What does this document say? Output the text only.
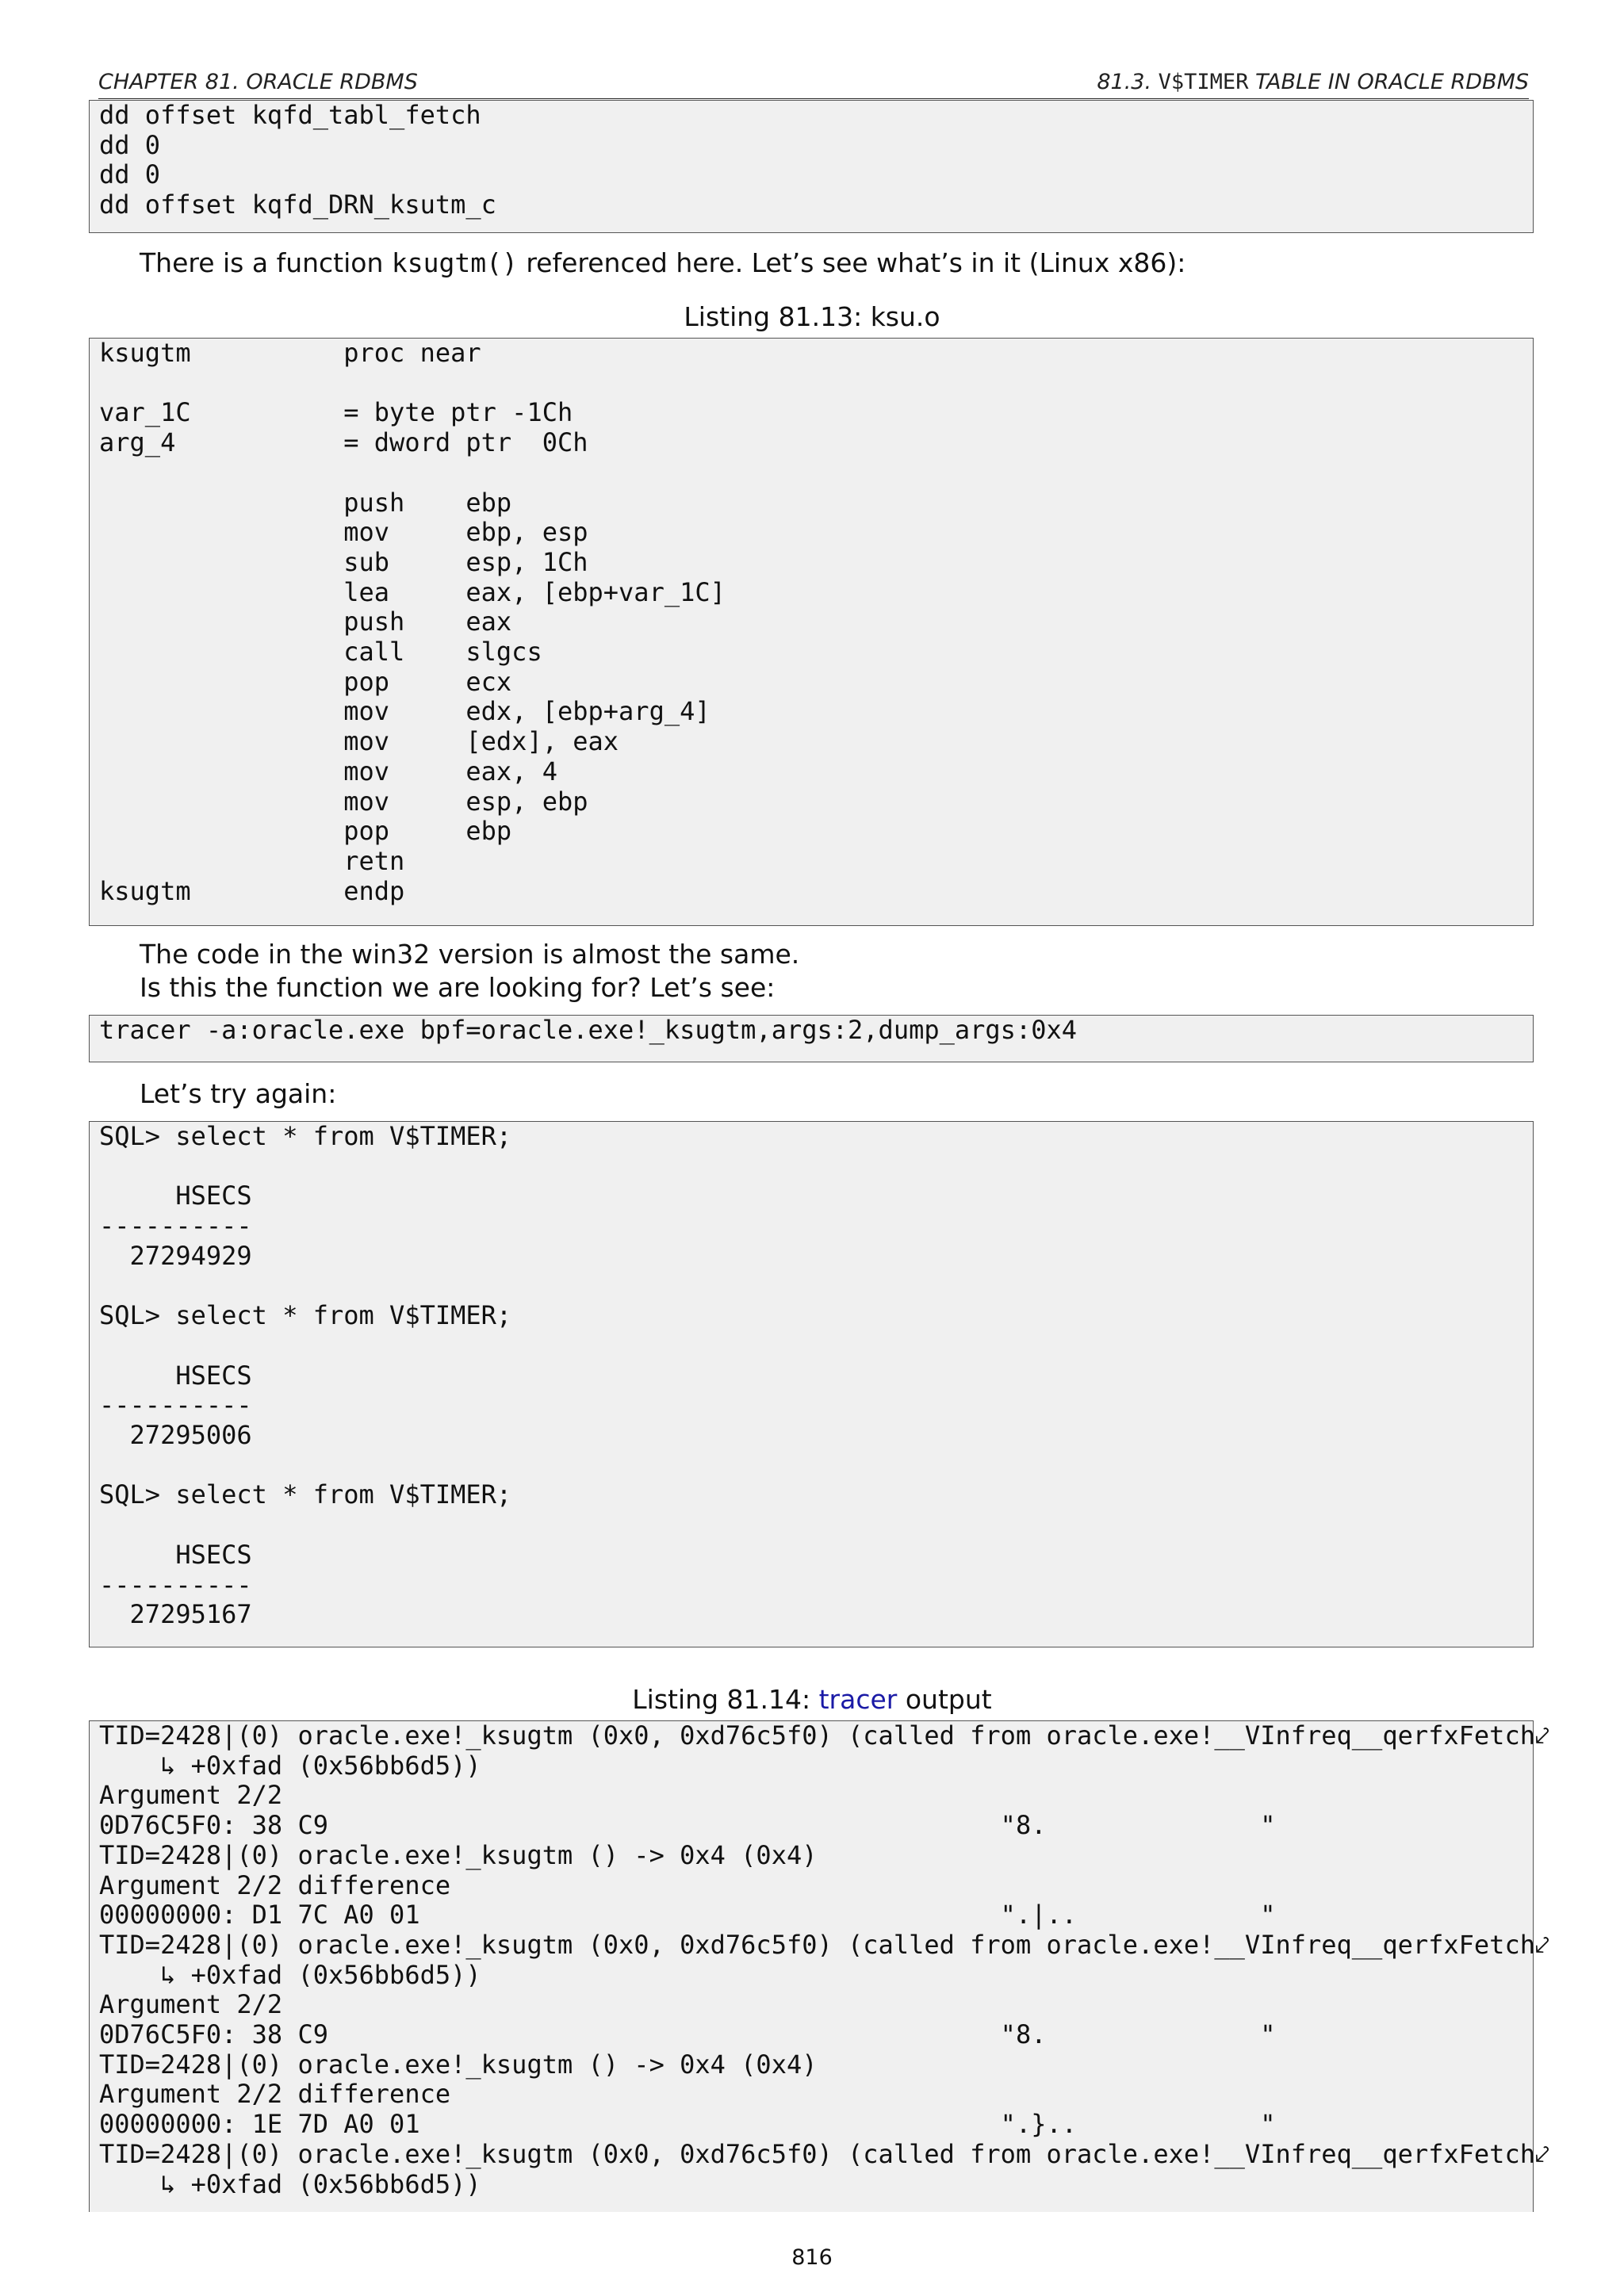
CHAPTER 81. ORACLE RDBMS	81.3. V$TIMER TABLE IN ORACLE RDBMS
dd offset kqfd_tabl_fetch
dd 0
dd 0
dd offset kqfd_DRN_ksutm_c
There is a function ksugtm() referenced here. Let’s see what’s in it (Linux x86):
Listing 81.13: ksu.o
ksugtm          proc near

var_1C          = byte ptr -1Ch
arg_4           = dword ptr  0Ch

push    ebp
mov     ebp, esp
sub     esp, 1Ch
lea     eax, [ebp+var_1C]
push    eax
call    slgcs
pop     ecx
mov     edx, [ebp+arg_4]
mov     [edx], eax
mov     eax, 4
mov     esp, ebp
pop     ebp
retn
ksugtm          endp
The code in the win32 version is almost the same.
Is this the function we are looking for? Let’s see:
tracer -a:oracle.exe bpf=oracle.exe!_ksugtm,args:2,dump_args:0x4
Let’s try again:
SQL> select * from V$TIMER;

HSECS
----------
27294929

SQL> select * from V$TIMER;

HSECS
----------
27295006

SQL> select * from V$TIMER;

HSECS
----------
27295167
Listing 81.14: tracer output
TID=2428|(0) oracle.exe!_ksugtm (0x0, 0xd76c5f0) (called from oracle.exe!__VInfreq__qerfxFetch⤦
↳ +0xfad (0x56bb6d5))
Argument 2/2
0D76C5F0: 38 C9                                            "8.              "
TID=2428|(0) oracle.exe!_ksugtm () -> 0x4 (0x4)
Argument 2/2 difference
00000000: D1 7C A0 01                                      ".|..            "
TID=2428|(0) oracle.exe!_ksugtm (0x0, 0xd76c5f0) (called from oracle.exe!__VInfreq__qerfxFetch⤦
↳ +0xfad (0x56bb6d5))
Argument 2/2
0D76C5F0: 38 C9                                            "8.              "
TID=2428|(0) oracle.exe!_ksugtm () -> 0x4 (0x4)
Argument 2/2 difference
00000000: 1E 7D A0 01                                      ".}..            "
TID=2428|(0) oracle.exe!_ksugtm (0x0, 0xd76c5f0) (called from oracle.exe!__VInfreq__qerfxFetch⤦
↳ +0xfad (0x56bb6d5))
816
